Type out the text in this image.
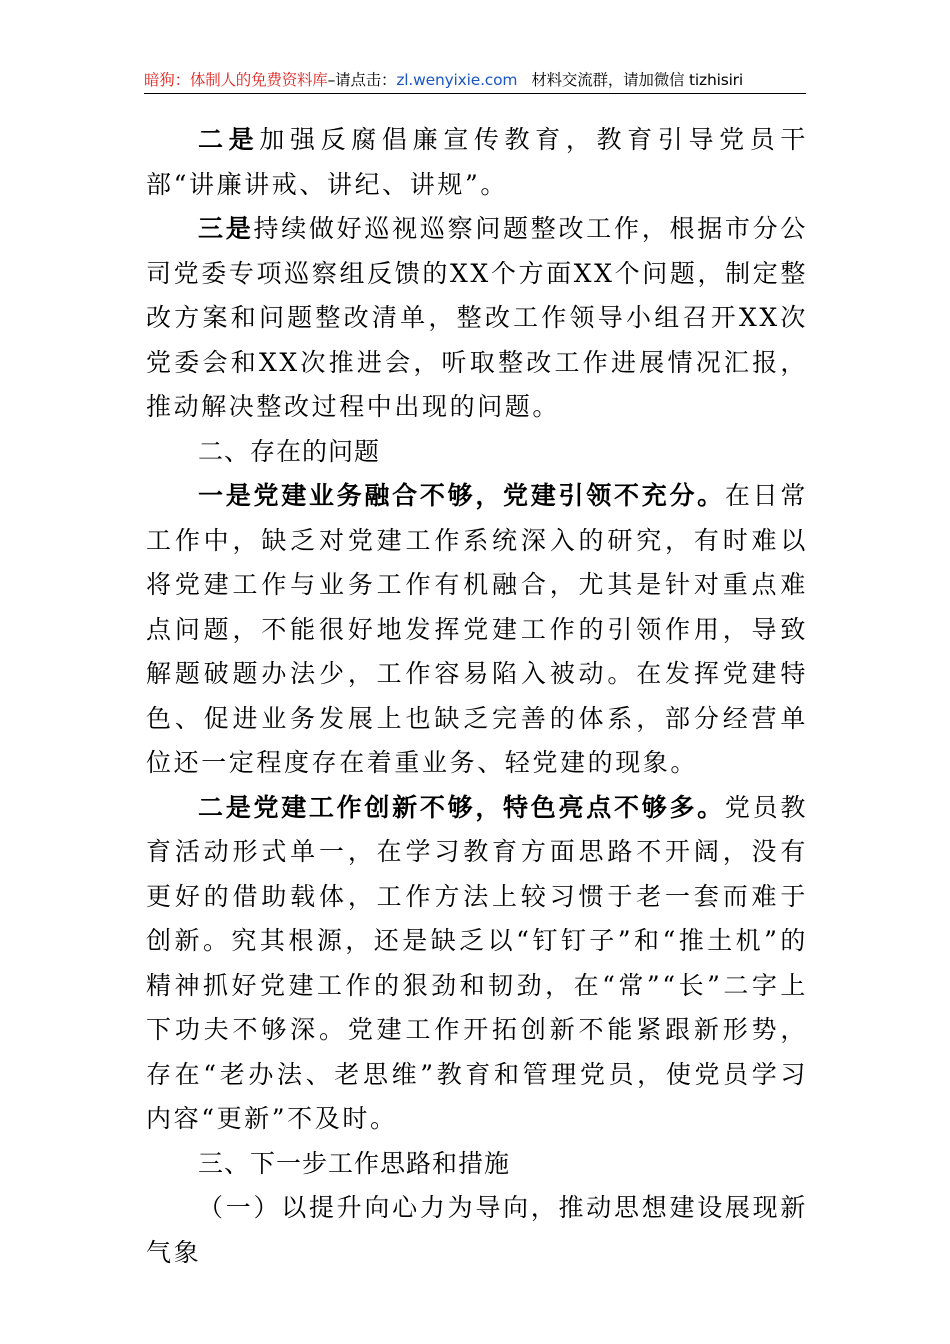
暗狗：体制人的免费资料库–请点击：zl.wenyixie.com 材料交流群，请加微信 tizhisiri

二是加强反腐倡廉宣传教育，教育引导党员干部“讲廉讲戒、讲纪、讲规”。

三是持续做好巡视巡察问题整改工作，根据市分公司党委专项巡察组反馈的XX个方面XX个问题，制定整改方案和问题整改清单，整改工作领导小组召开XX次党委会和XX次推进会，听取整改工作进展情况汇报，推动解决整改过程中出现的问题。

二、存在的问题

一是党建业务融合不够，党建引领不充分。在日常工作中，缺乏对党建工作系统深入的研究，有时难以将党建工作与业务工作有机融合，尤其是针对重点难点问题，不能很好地发挥党建工作的引领作用，导致解题破题办法少，工作容易陷入被动。在发挥党建特色、促进业务发展上也缺乏完善的体系，部分经营单位还一定程度存在着重业务、轻党建的现象。

二是党建工作创新不够，特色亮点不够多。党员教育活动形式单一，在学习教育方面思路不开阔，没有更好的借助载体，工作方法上较习惯于老一套而难于创新。究其根源，还是缺乏以“钉钉子”和“推土机”的精神抓好党建工作的狠劲和韧劲，在“常”“长”二字上下功夫不够深。党建工作开拓创新不能紧跟新形势，存在“老办法、老思维”教育和管理党员，使党员学习内容“更新”不及时。

三、下一步工作思路和措施

（一）以提升向心力为导向，推动思想建设展现新气象
